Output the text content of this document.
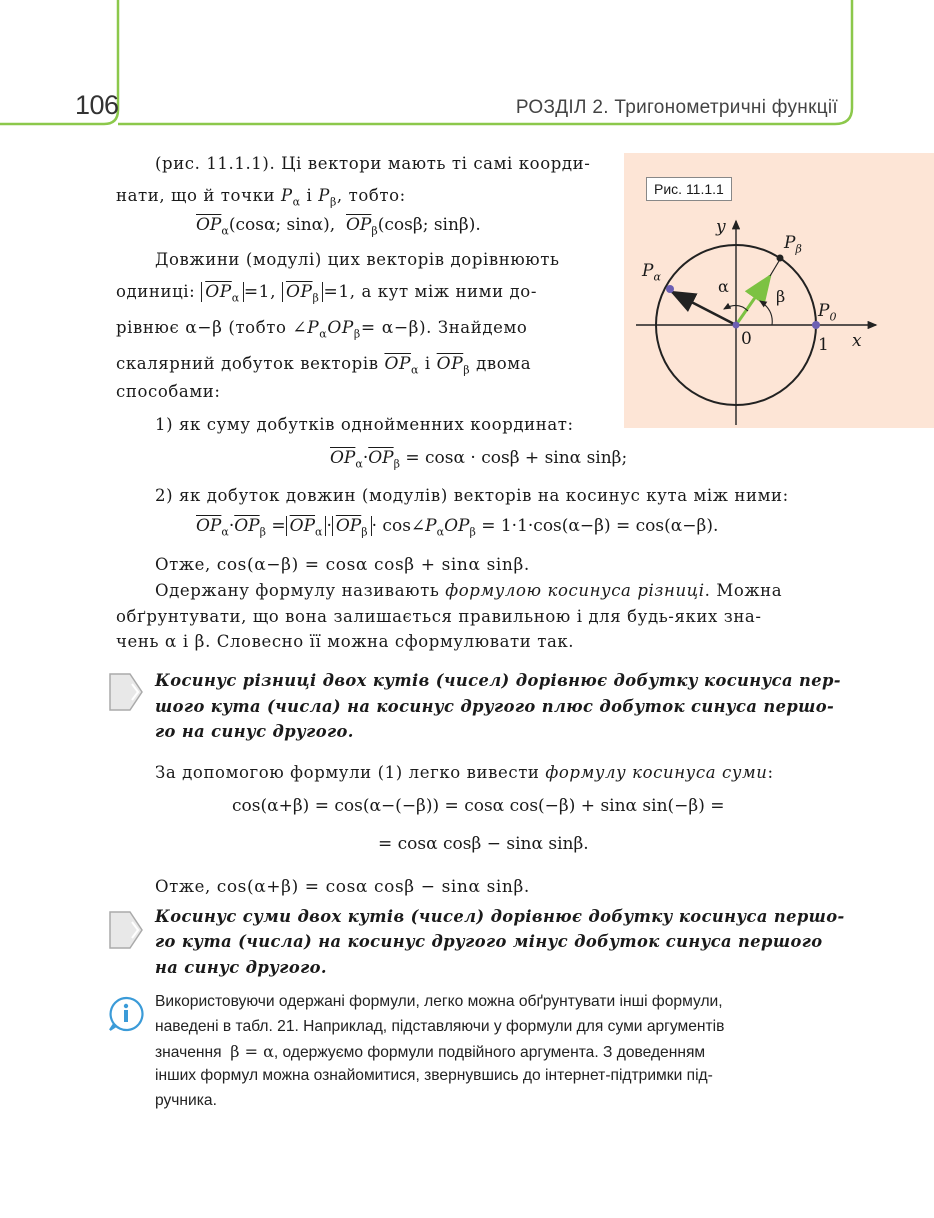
106	РОЗДІЛ 2. Тригонометричні функції
Рис. 11.1.1
y
x
$P_\beta$
$P_\alpha$
$P_0$
α
β
0	1
(рис. 11.1.1). Ці вектори мають ті самі коорди-
нати, що й точки $P_\alpha$ і $P_\beta$, тобто:
$\overline{OP}_\alpha(\cos\alpha$; sinα), $\overline{OP}_\beta(\cos\beta$; sinβ).
Довжини (модулі) цих векторів дорівнюють
одиниці: $\overline{OP}_\alpha =1$, $\overline{OP}_\beta =1$, а кут між ними до-
рівнює α−β (тобто $\angle P_\alpha OP_\beta= \alpha-\beta$). Знайдемо
скалярний добуток векторів $\overline{OP}_\alpha$ і $\overline{OP}_\beta$ двома
способами:
1) як суму добутків однойменних координат:
$\overline{OP}_\alpha\cdot\overline{OP}_\beta = \cos\alpha \cdot \cos\beta + \sin\alpha$ sinβ;
2) як добуток довжин (модулів) векторів на косинус кута між ними:
$\overline{OP}_\alpha\cdot\overline{OP}_\beta = \overline{OP}_\alpha \cdot \overline{OP}_\beta$ · $\cos\angle P_\alpha OP_\beta = 1\cdot 1\cdot\cos(\alpha-\beta) = \cos(\alpha-\beta)$.
Отже, cos(α−β) = cosα cosβ + sinα sinβ.
Одержану формулу називають формулою косинуса різниці. Можна
обґрунтувати, що вона залишається правильною і для будь-яких зна-
чень α і β. Словесно її можна сформулювати так.
Косинус різниці двох кутів (чисел) дорівнює добутку косинуса пер-
шого кута (числа) на косинус другого плюс добуток синуса першо-
го на синус другого.
За допомогою формули (1) легко вивести формулу косинуса суми:
cos(α+β) = cos(α−(−β)) = cosα cos(−β) + sinα sin(−β) =
= cosα cosβ − sinα sinβ.
Отже, cos(α+β) = cosα cosβ − sinα sinβ.
Косинус суми двох кутів (чисел) дорівнює добутку косинуса першо-
го кута (числа) на косинус другого мінус добуток синуса першого
на синус другого.
Використовуючи одержані формули, легко можна обґрунтувати інші формули,
наведені в табл. 21. Наприклад, підставляючи у формули для суми аргументів
значення β = α, одержуємо формули подвійного аргумента. З доведенням
інших формул можна ознайомитися, звернувшись до інтернет-підтримки під-
ручника.
